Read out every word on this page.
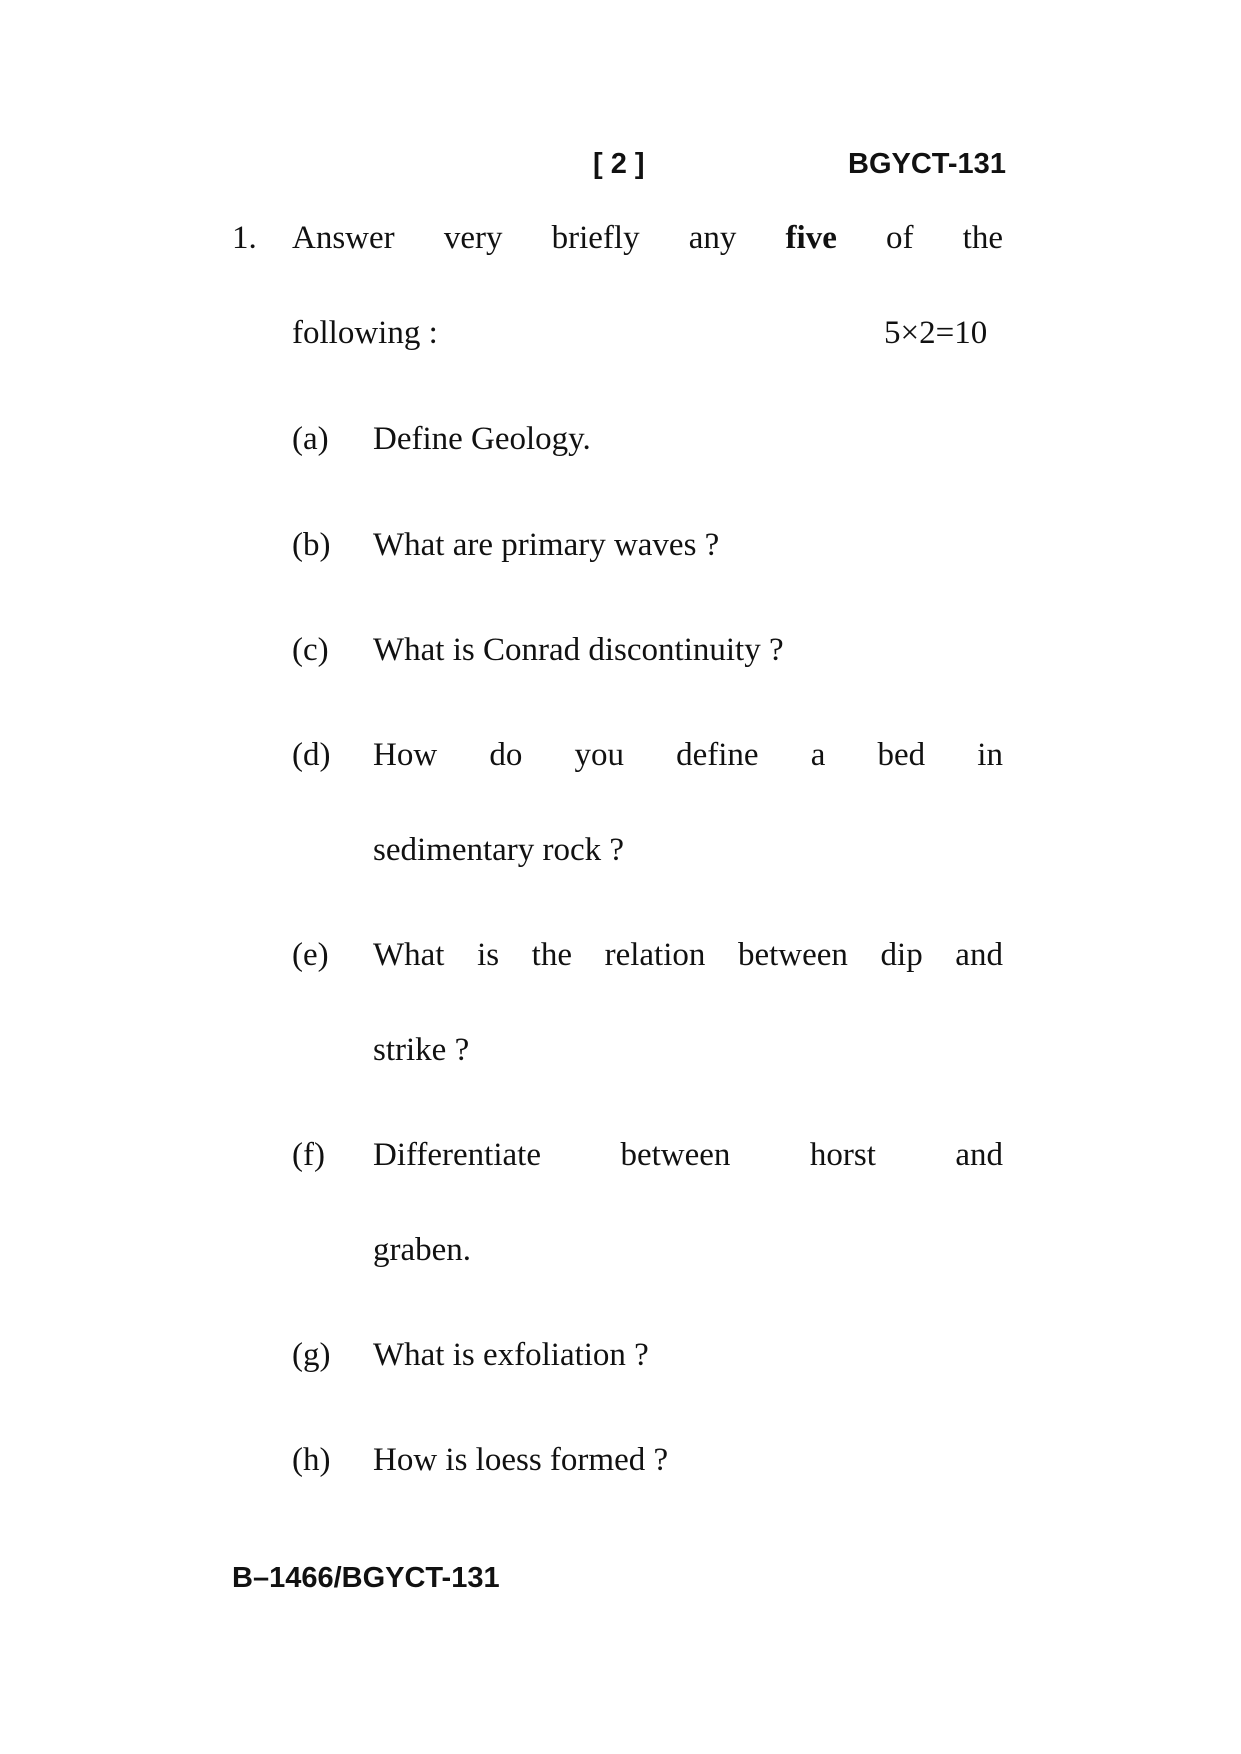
[ 2 ]	BGYCT-131
1. Answer very briefly any five of the
following :	5×2=10
(a) Define Geology.
(b) What are primary waves ?
(c) What is Conrad discontinuity ?
(d) How do you define a bed in
sedimentary rock ?
(e) What is the relation between dip and
strike ?
(f) Differentiate between horst and
graben.
(g) What is exfoliation ?
(h) How is loess formed ?
B–1466/BGYCT-131
